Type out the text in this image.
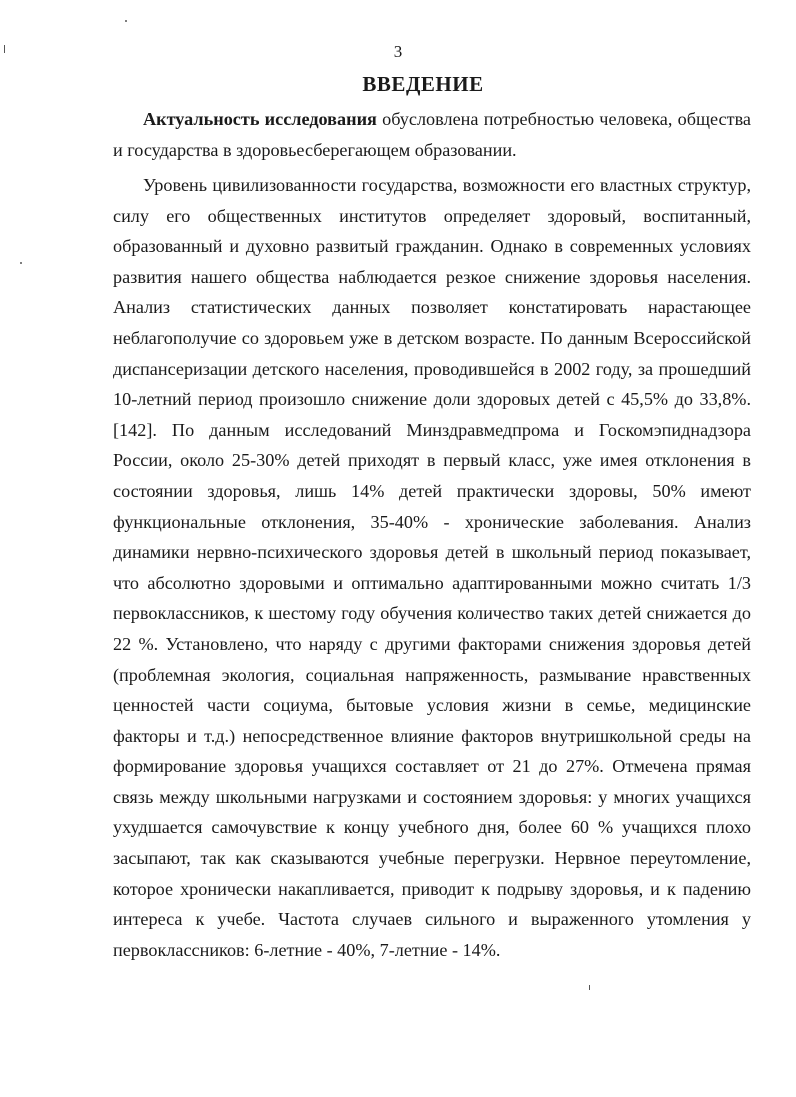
3
ВВЕДЕНИЕ

Актуальность исследования обусловлена потребностью человека, общества и государства в здоровьесберегающем образовании.

Уровень цивилизованности государства, возможности его властных структур, силу его общественных институтов определяет здоровый, воспитанный, образованный и духовно развитый гражданин. Однако в современных условиях развития нашего общества наблюдается резкое снижение здоровья населения. Анализ статистических данных позволяет констатировать нарастающее неблагополучие со здоровьем уже в детском возрасте. По данным Всероссийской диспансеризации детского населения, проводившейся в 2002 году, за прошедший 10-летний период произошло снижение доли здоровых детей с 45,5% до 33,8%. [142]. По данным исследований Минздравмедпрома и Госкомэпиднадзора России, около 25-30% детей приходят в первый класс, уже имея отклонения в состоянии здоровья, лишь 14% детей практически здоровы, 50% имеют функциональные отклонения, 35-40% - хронические заболевания. Анализ динамики нервно-психического здоровья детей в школьный период показывает, что абсолютно здоровыми и оптимально адаптированными можно считать 1/3 первоклассников, к шестому году обучения количество таких детей снижается до 22 %. Установлено, что наряду с другими факторами снижения здоровья детей (проблемная экология, социальная напряженность, размывание нравственных ценностей части социума, бытовые условия жизни в семье, медицинские факторы и т.д.) непосредственное влияние факторов внутришкольной среды на формирование здоровья учащихся составляет от 21 до 27%. Отмечена прямая связь между школьными нагрузками и состоянием здоровья: у многих учащихся ухудшается самочувствие к концу учебного дня, более 60 % учащихся плохо засыпают, так как сказываются учебные перегрузки. Нервное переутомление, которое хронически накапливается, приводит к подрыву здоровья, и к падению интереса к учебе. Частота случаев сильного и выраженного утомления у первоклассников: 6-летние - 40%, 7-летние - 14%.
